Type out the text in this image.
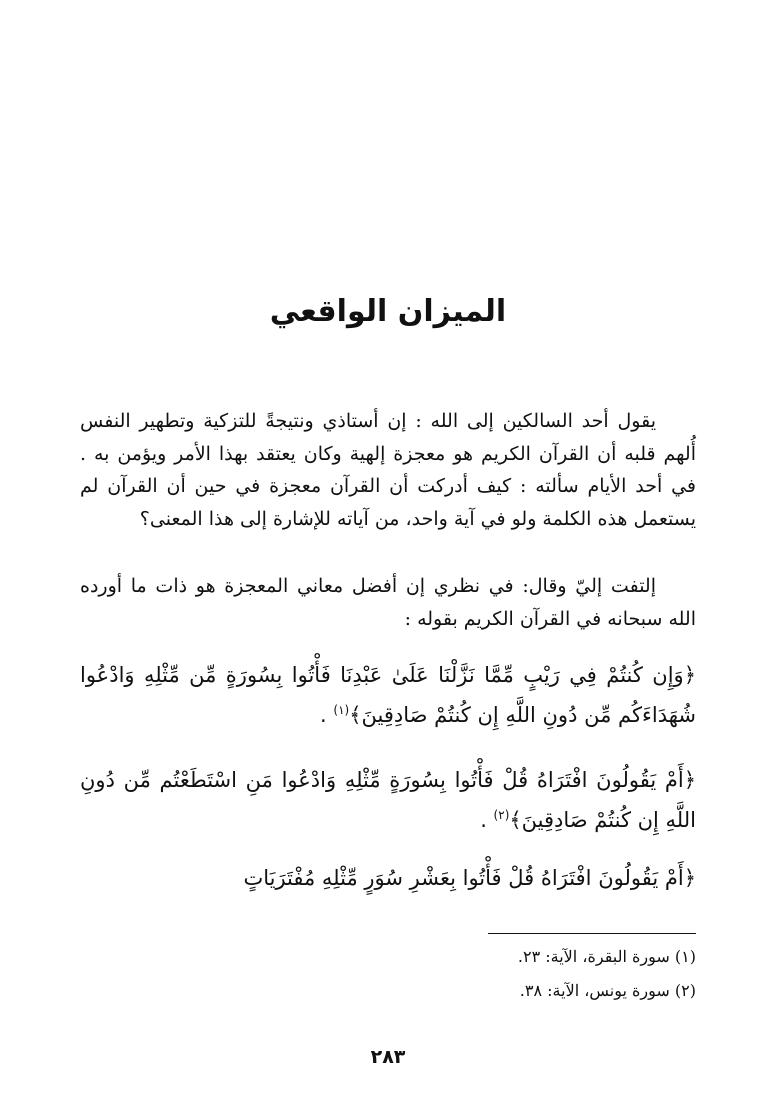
الميزان الواقعي

يقول أحد السالكين إلى الله : إن أستاذي ونتيجةً للتزكية وتطهير النفس أُلهم قلبه أن القرآن الكريم هو معجزة إلهية وكان يعتقد بهذا الأمر ويؤمن به . في أحد الأيام سألته : كيف أدركت أن القرآن معجزة في حين أن القرآن لم يستعمل هذه الكلمة ولو في آية واحد، من آياته للإشارة إلى هذا المعنى؟

إلتفت إليّ وقال: في نظري إن أفضل معاني المعجزة هو ذات ما أورده الله سبحانه في القرآن الكريم بقوله :

﴿وَإِن كُنتُمْ فِي رَيْبٍ مِّمَّا نَزَّلْنَا عَلَىٰ عَبْدِنَا فَأْتُوا بِسُورَةٍ مِّن مِّثْلِهِ وَادْعُوا شُهَدَاءَكُم مِّن دُونِ اللَّهِ إِن كُنتُمْ صَادِقِينَ﴾$^{(١)}$ .

﴿أَمْ يَقُولُونَ افْتَرَاهُ قُلْ فَأْتُوا بِسُورَةٍ مِّثْلِهِ وَادْعُوا مَنِ اسْتَطَعْتُم مِّن دُونِ اللَّهِ إِن كُنتُمْ صَادِقِينَ﴾$^{(٢)}$ .

﴿أَمْ يَقُولُونَ افْتَرَاهُ قُلْ فَأْتُوا بِعَشْرِ سُوَرٍ مِّثْلِهِ مُفْتَرَيَاتٍ

(١) سورة البقرة، الآية: ٢٣.

(٢) سورة يونس، الآية: ٣٨.

٢٨٣
